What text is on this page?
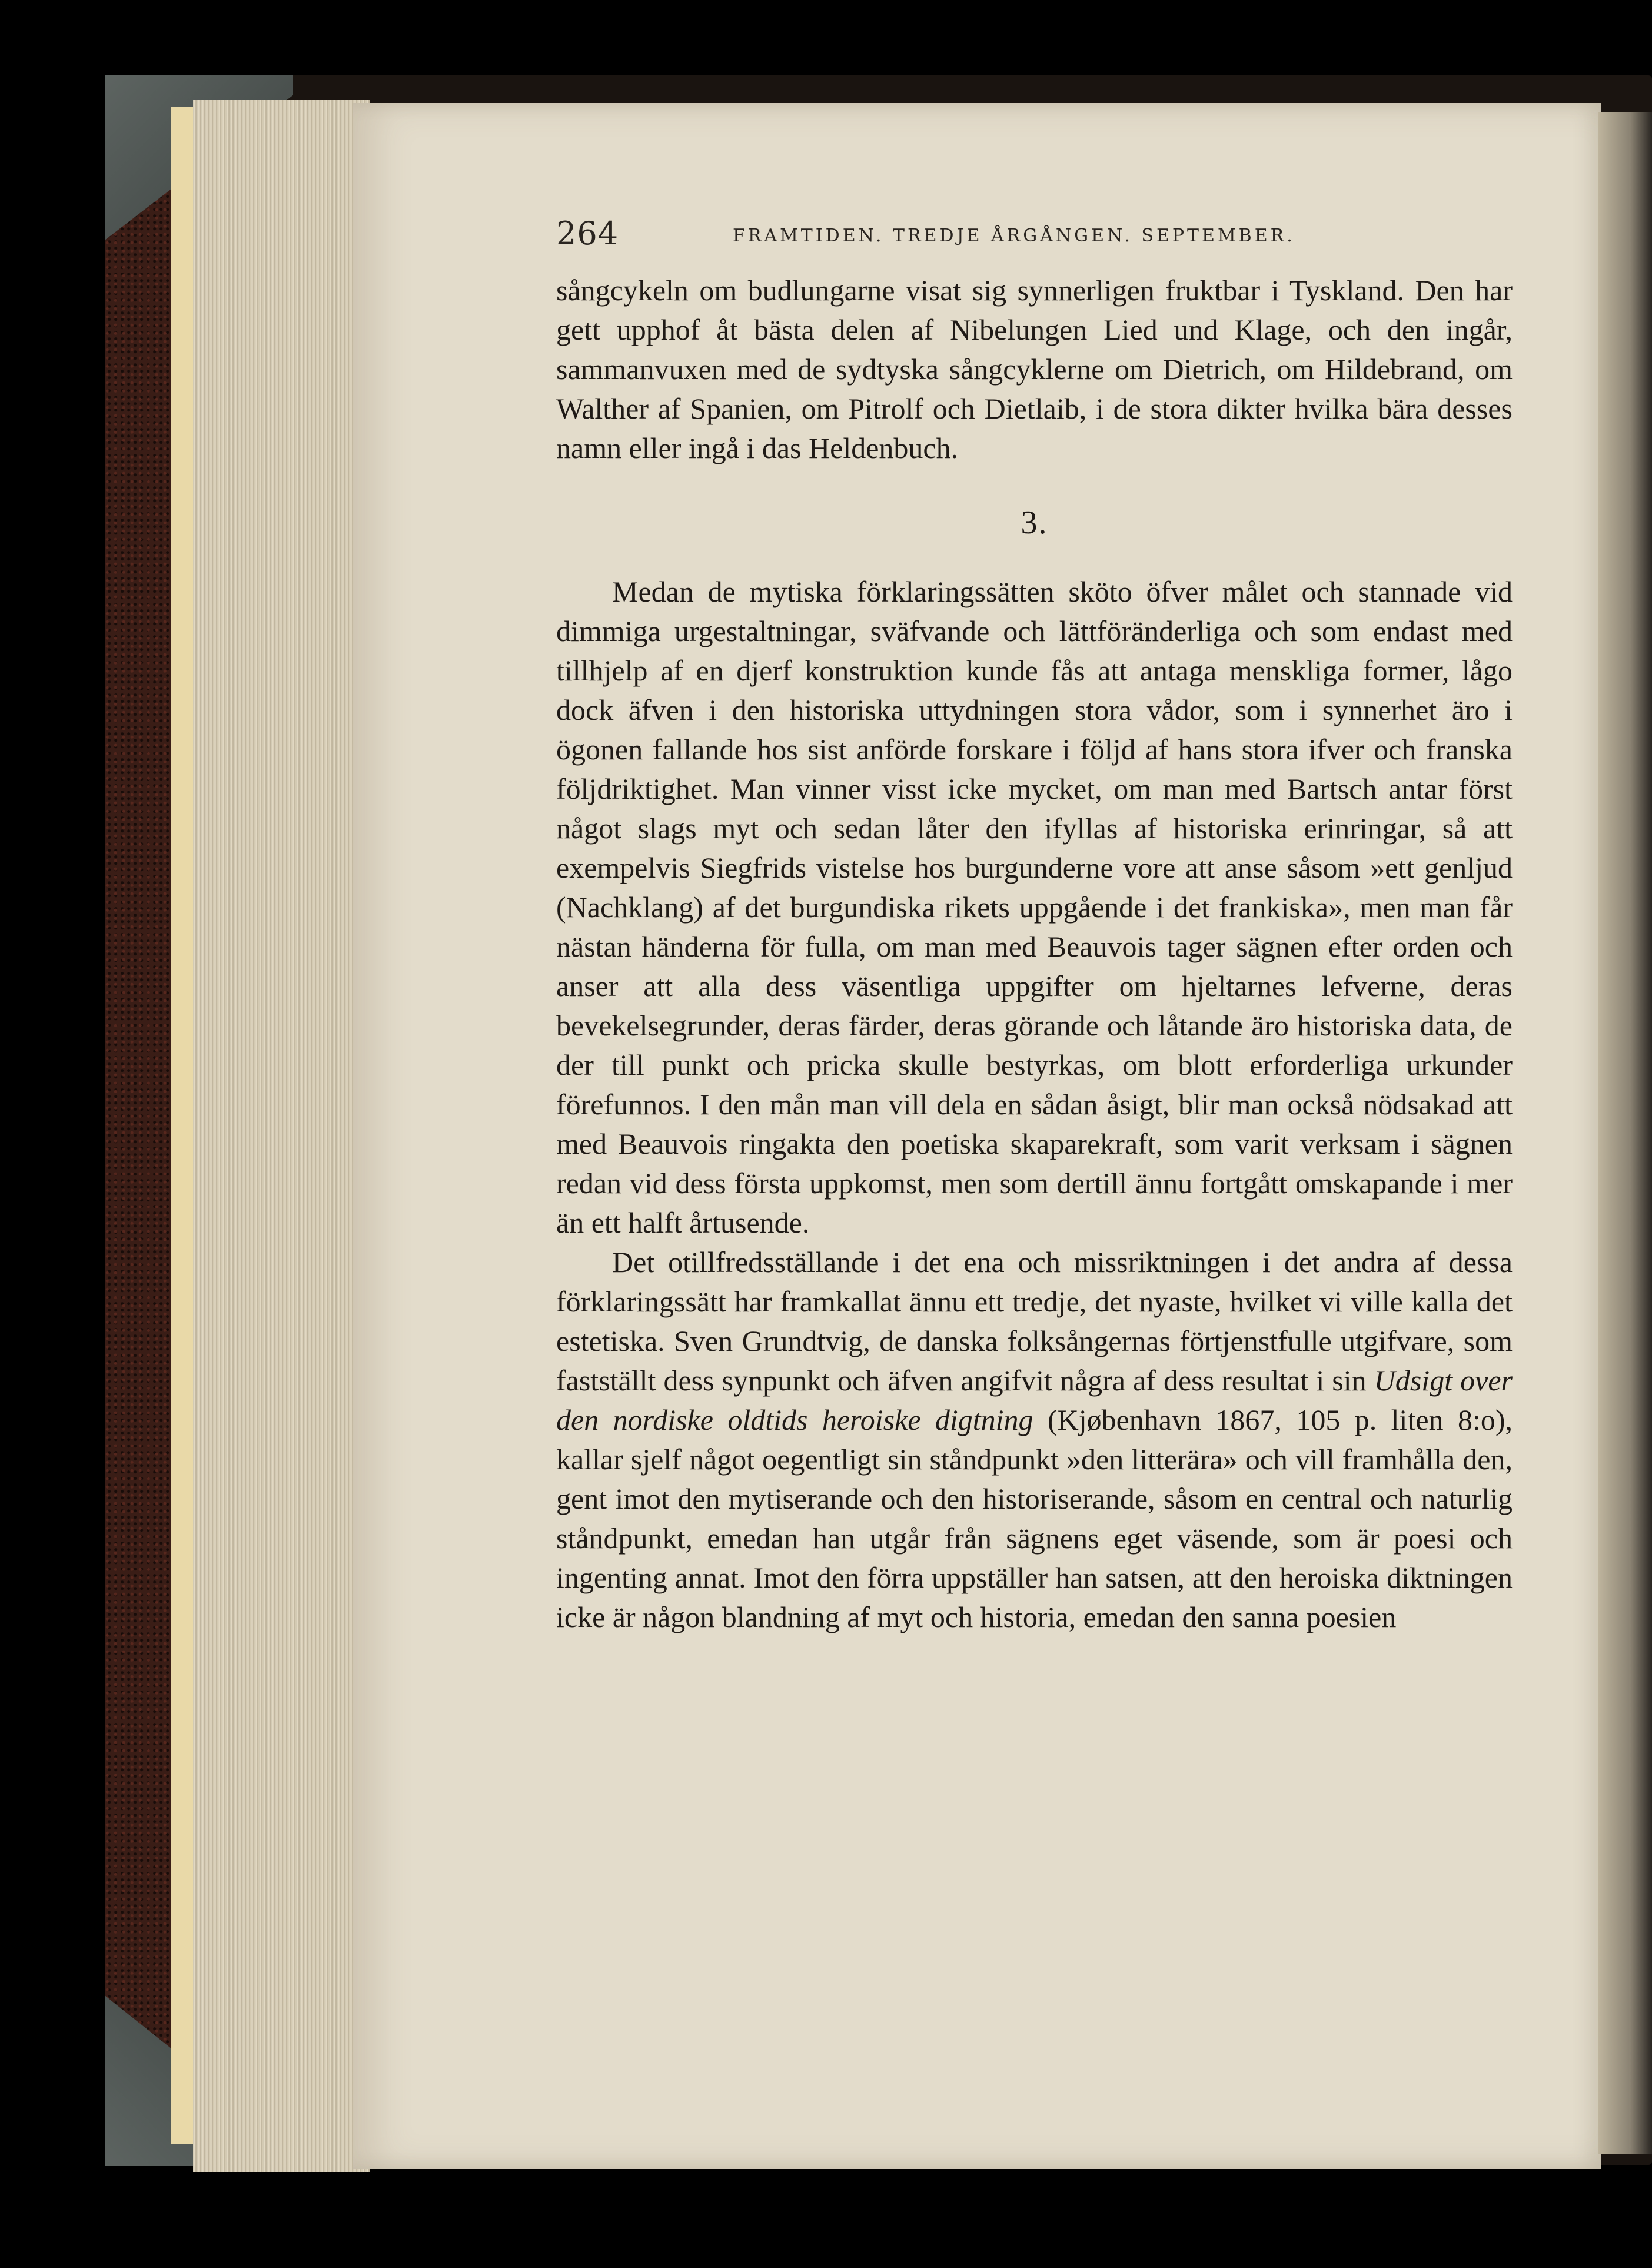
264	FRAMTIDEN. TREDJE ÅRGÅNGEN. SEPTEMBER.

sångcykeln om budlungarne visat sig synnerligen fruktbar i Tyskland. Den har gett upphof åt bästa delen af Nibelungen Lied und Klage, och den ingår, sammanvuxen med de sydtyska sångcyklerne om Dietrich, om Hildebrand, om Walther af Spanien, om Pitrolf och Dietlaib, i de stora dikter hvilka bära desses namn eller ingå i das Heldenbuch.

3.

Medan de mytiska förklaringssätten sköto öfver målet och stannade vid dimmiga urgestaltningar, sväfvande och lättföränderliga och som endast med tillhjelp af en djerf konstruktion kunde fås att antaga menskliga former, lågo dock äfven i den historiska uttydningen stora vådor, som i synnerhet äro i ögonen fallande hos sist anförde forskare i följd af hans stora ifver och franska följdriktighet. Man vinner visst icke mycket, om man med Bartsch antar först något slags myt och sedan låter den ifyllas af historiska erinringar, så att exempelvis Siegfrids vistelse hos burgunderne vore att anse såsom »ett genljud (Nachklang) af det burgundiska rikets uppgående i det frankiska», men man får nästan händerna för fulla, om man med Beauvois tager sägnen efter orden och anser att alla dess väsentliga uppgifter om hjeltarnes lefverne, deras bevekelsegrunder, deras färder, deras görande och låtande äro historiska data, de der till punkt och pricka skulle bestyrkas, om blott erforderliga urkunder förefunnos. I den mån man vill dela en sådan åsigt, blir man också nödsakad att med Beauvois ringakta den poetiska skaparekraft, som varit verksam i sägnen redan vid dess första uppkomst, men som dertill ännu fortgått omskapande i mer än ett halft årtusende.

Det otillfredsställande i det ena och missriktningen i det andra af dessa förklaringssätt har framkallat ännu ett tredje, det nyaste, hvilket vi ville kalla det estetiska. Sven Grundtvig, de danska folksångernas förtjenstfulle utgifvare, som fastställt dess synpunkt och äfven angifvit några af dess resultat i sin Udsigt over den nordiske oldtids heroiske digtning (Kjøbenhavn 1867, 105 p. liten 8:o), kallar sjelf något oegentligt sin ståndpunkt »den litterära» och vill framhålla den, gent imot den mytiserande och den historiserande, såsom en central och naturlig ståndpunkt, emedan han utgår från sägnens eget väsende, som är poesi och ingenting annat. Imot den förra uppställer han satsen, att den heroiska diktningen icke är någon blandning af myt och historia, emedan den sanna poesien
